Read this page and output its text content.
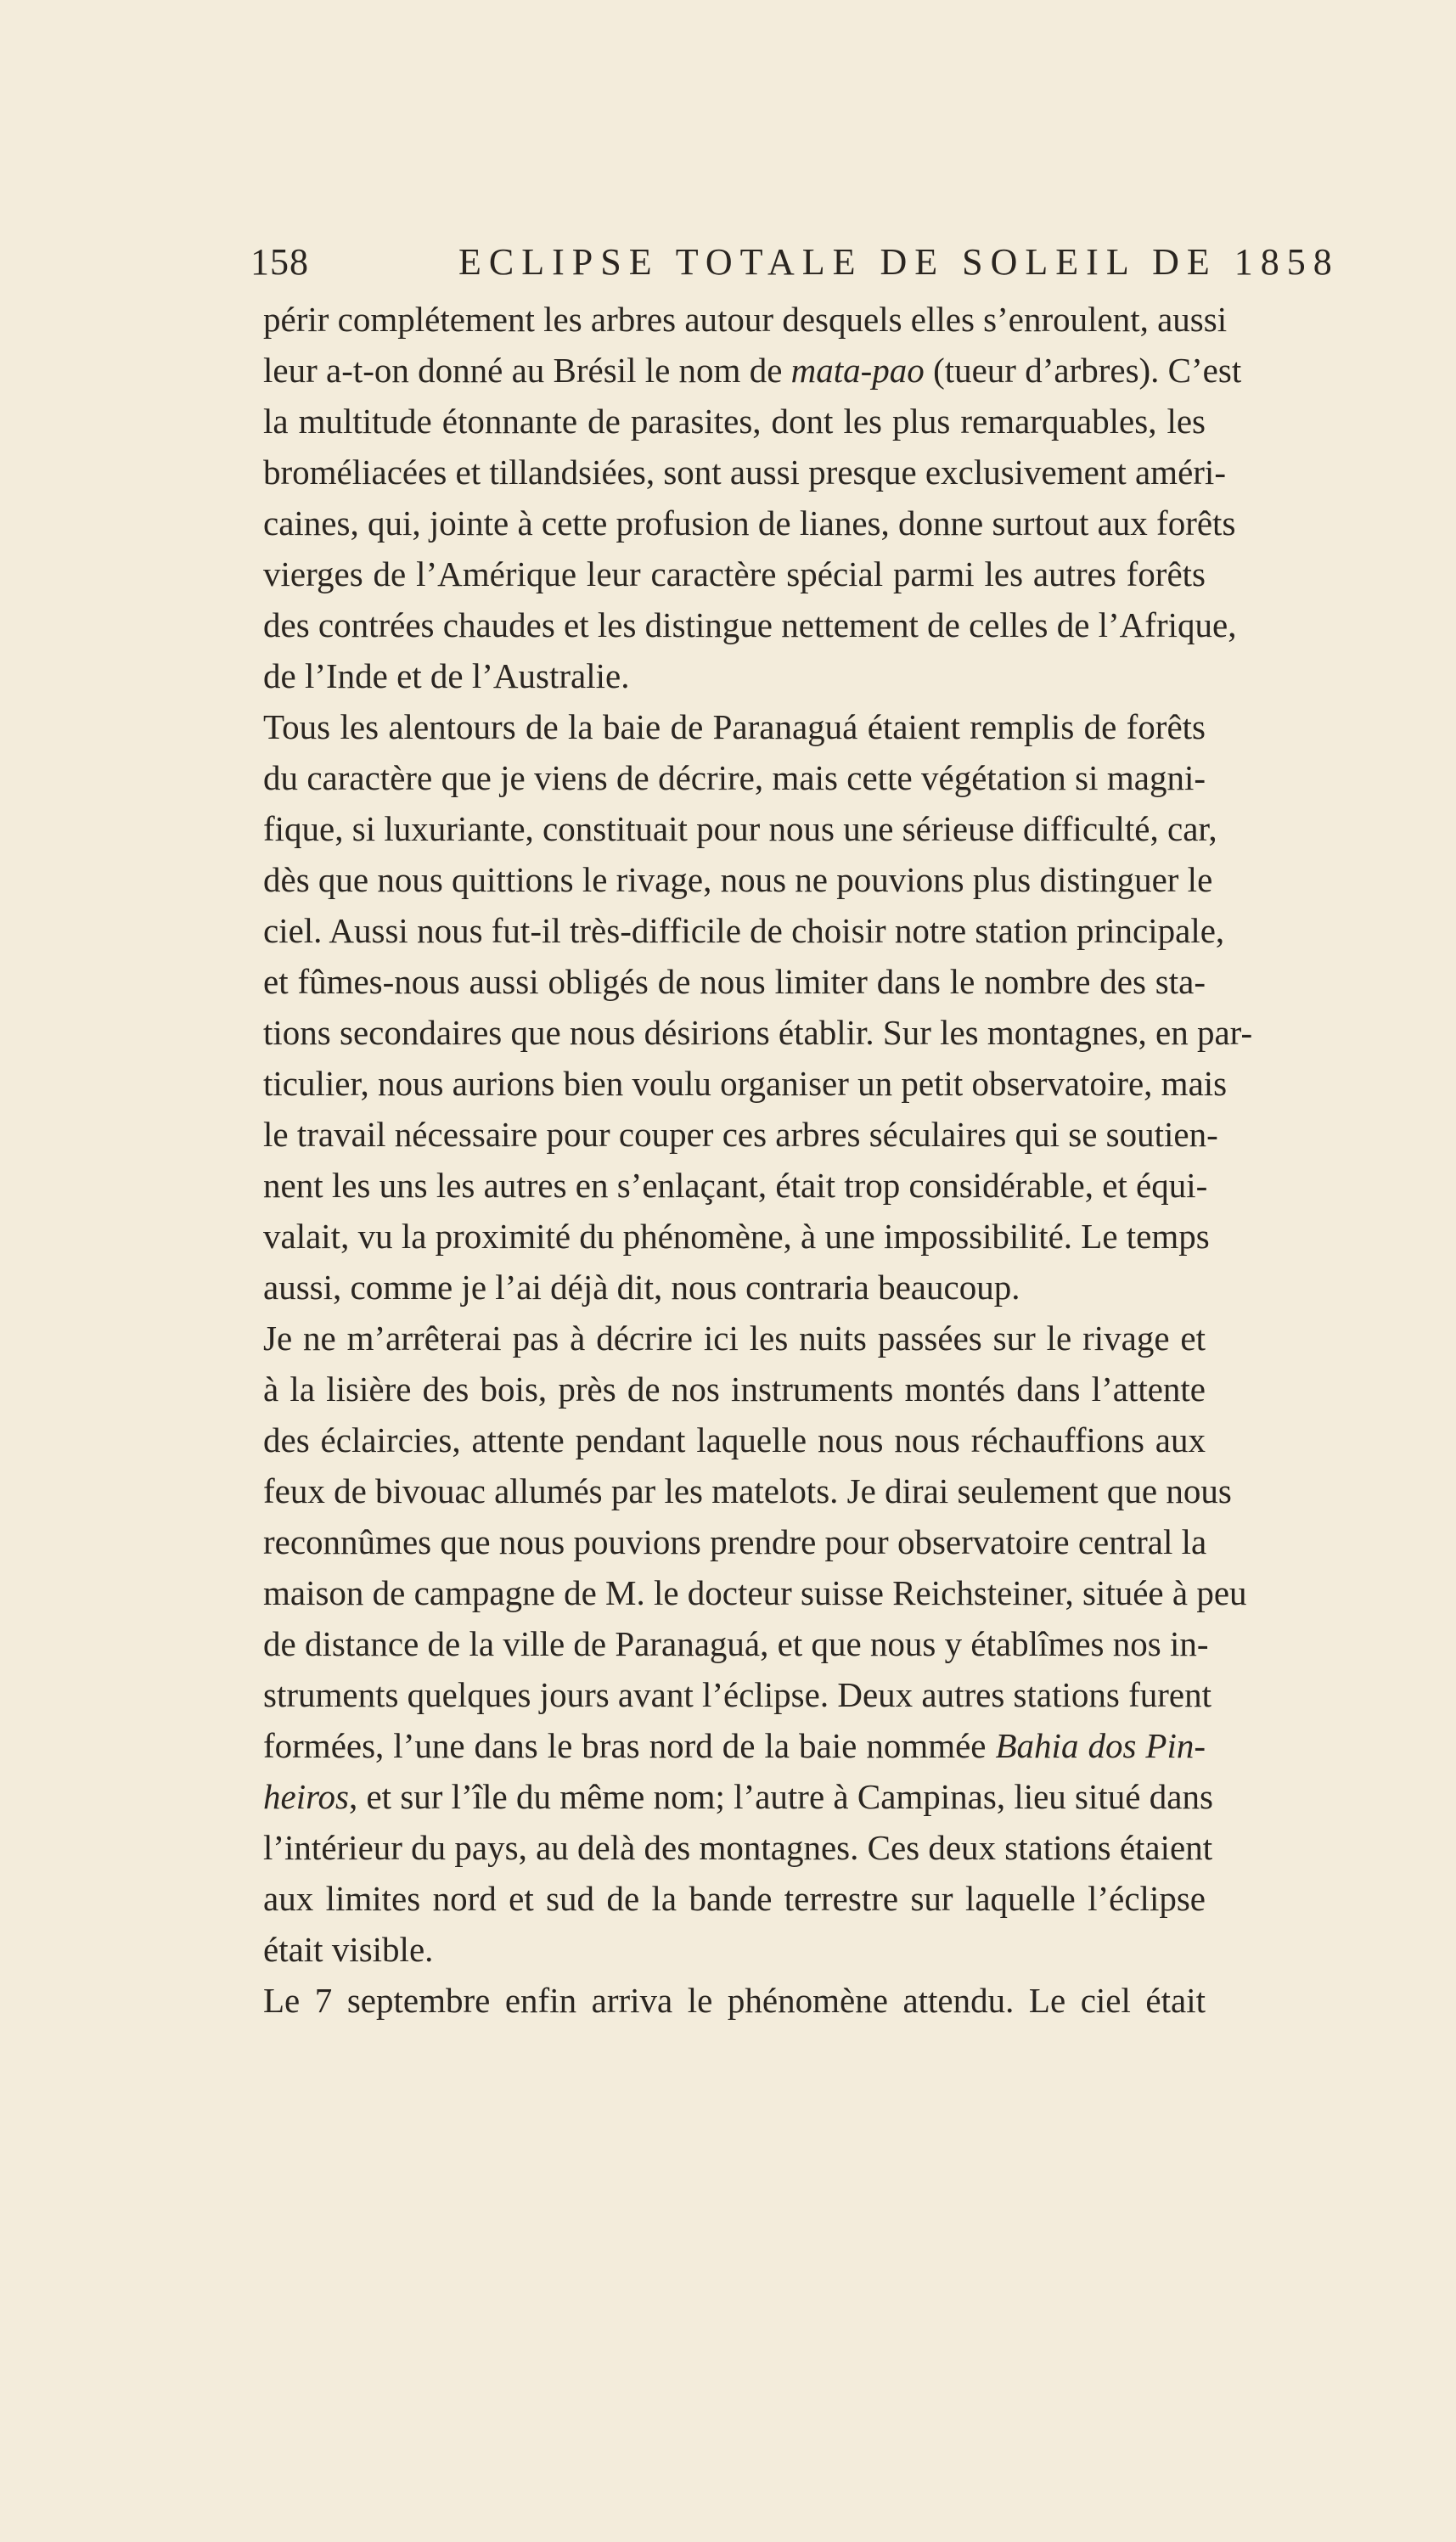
158	ECLIPSE TOTALE DE SOLEIL DE 1858
périr complétement les arbres autour desquels elles s’enroulent, aussi
leur a-t-on donné au Brésil le nom de mata-pao (tueur d’arbres). C’est
la multitude étonnante de parasites, dont les plus remarquables, les
broméliacées et tillandsiées, sont aussi presque exclusivement améri-
caines, qui, jointe à cette profusion de lianes, donne surtout aux forêts
vierges de l’Amérique leur caractère spécial parmi les autres forêts
des contrées chaudes et les distingue nettement de celles de l’Afrique,
de l’Inde et de l’Australie.
Tous les alentours de la baie de Paranaguá étaient remplis de forêts
du caractère que je viens de décrire, mais cette végétation si magni-
fique, si luxuriante, constituait pour nous une sérieuse difficulté, car,
dès que nous quittions le rivage, nous ne pouvions plus distinguer le
ciel. Aussi nous fut-il très-difficile de choisir notre station principale,
et fûmes-nous aussi obligés de nous limiter dans le nombre des sta-
tions secondaires que nous désirions établir. Sur les montagnes, en par-
ticulier, nous aurions bien voulu organiser un petit observatoire, mais
le travail nécessaire pour couper ces arbres séculaires qui se soutien-
nent les uns les autres en s’enlaçant, était trop considérable, et équi-
valait, vu la proximité du phénomène, à une impossibilité. Le temps
aussi, comme je l’ai déjà dit, nous contraria beaucoup.
Je ne m’arrêterai pas à décrire ici les nuits passées sur le rivage et
à la lisière des bois, près de nos instruments montés dans l’attente
des éclaircies, attente pendant laquelle nous nous réchauffions aux
feux de bivouac allumés par les matelots. Je dirai seulement que nous
reconnûmes que nous pouvions prendre pour observatoire central la
maison de campagne de M. le docteur suisse Reichsteiner, située à peu
de distance de la ville de Paranaguá, et que nous y établîmes nos in-
struments quelques jours avant l’éclipse. Deux autres stations furent
formées, l’une dans le bras nord de la baie nommée Bahia dos Pin-
heiros, et sur l’île du même nom; l’autre à Campinas, lieu situé dans
l’intérieur du pays, au delà des montagnes. Ces deux stations étaient
aux limites nord et sud de la bande terrestre sur laquelle l’éclipse
était visible.
Le 7 septembre enfin arriva le phénomène attendu. Le ciel était
